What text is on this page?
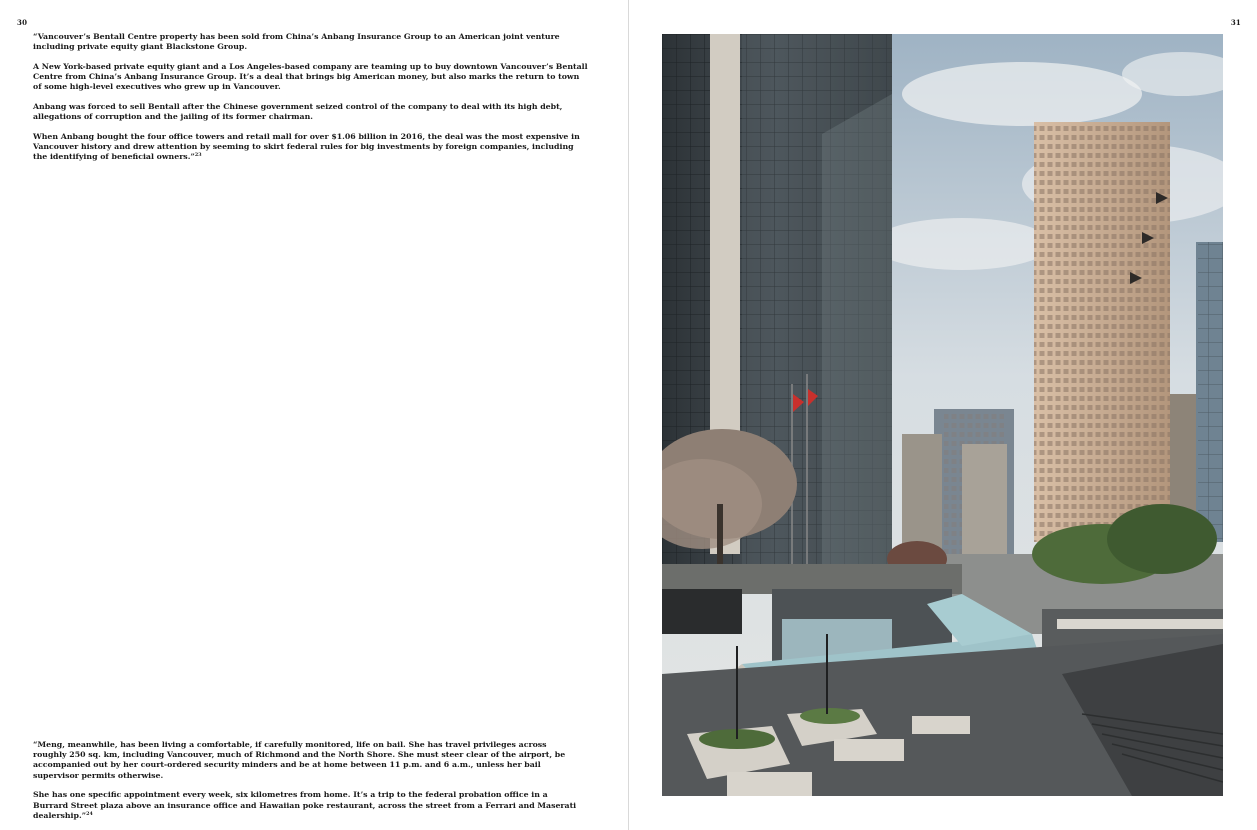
30

“Vancouver’s Bentall Centre property has been sold from China’s Anbang Insurance Group to an American joint venture including private equity giant Blackstone Group.

A New York-based private equity giant and a Los Angeles-based company are teaming up to buy downtown Vancouver’s Bentall Centre from China’s Anbang Insurance Group. It’s a deal that brings big American money, but also marks the return to town of some high-level executives who grew up in Vancouver.

Anbang was forced to sell Bentall after the Chinese government seized control of the company to deal with its high debt, allegations of corruption and the jailing of its former chairman.

When Anbang bought the four office towers and retail mall for over $1.06 billion in 2016, the deal was the most expensive in Vancouver history and drew attention by seeming to skirt federal rules for big investments by foreign companies, including the identifying of beneficial owners.”$^{23}$

“Meng, meanwhile, has been living a comfortable, if carefully monitored, life on bail. She has travel privileges across roughly 250 sq. km, including Vancouver, much of Richmond and the North Shore. She must steer clear of the airport, be accompanied out by her court-ordered security minders and be at home between 11 p.m. and 6 a.m., unless her bail supervisor permits otherwise.

She has one specific appointment every week, six kilometres from home. It’s a trip to the federal probation office in a Burrard Street plaza above an insurance office and Hawaiian poke restaurant, across the street from a Ferrari and Maserati dealership.”$^{24}$

31
